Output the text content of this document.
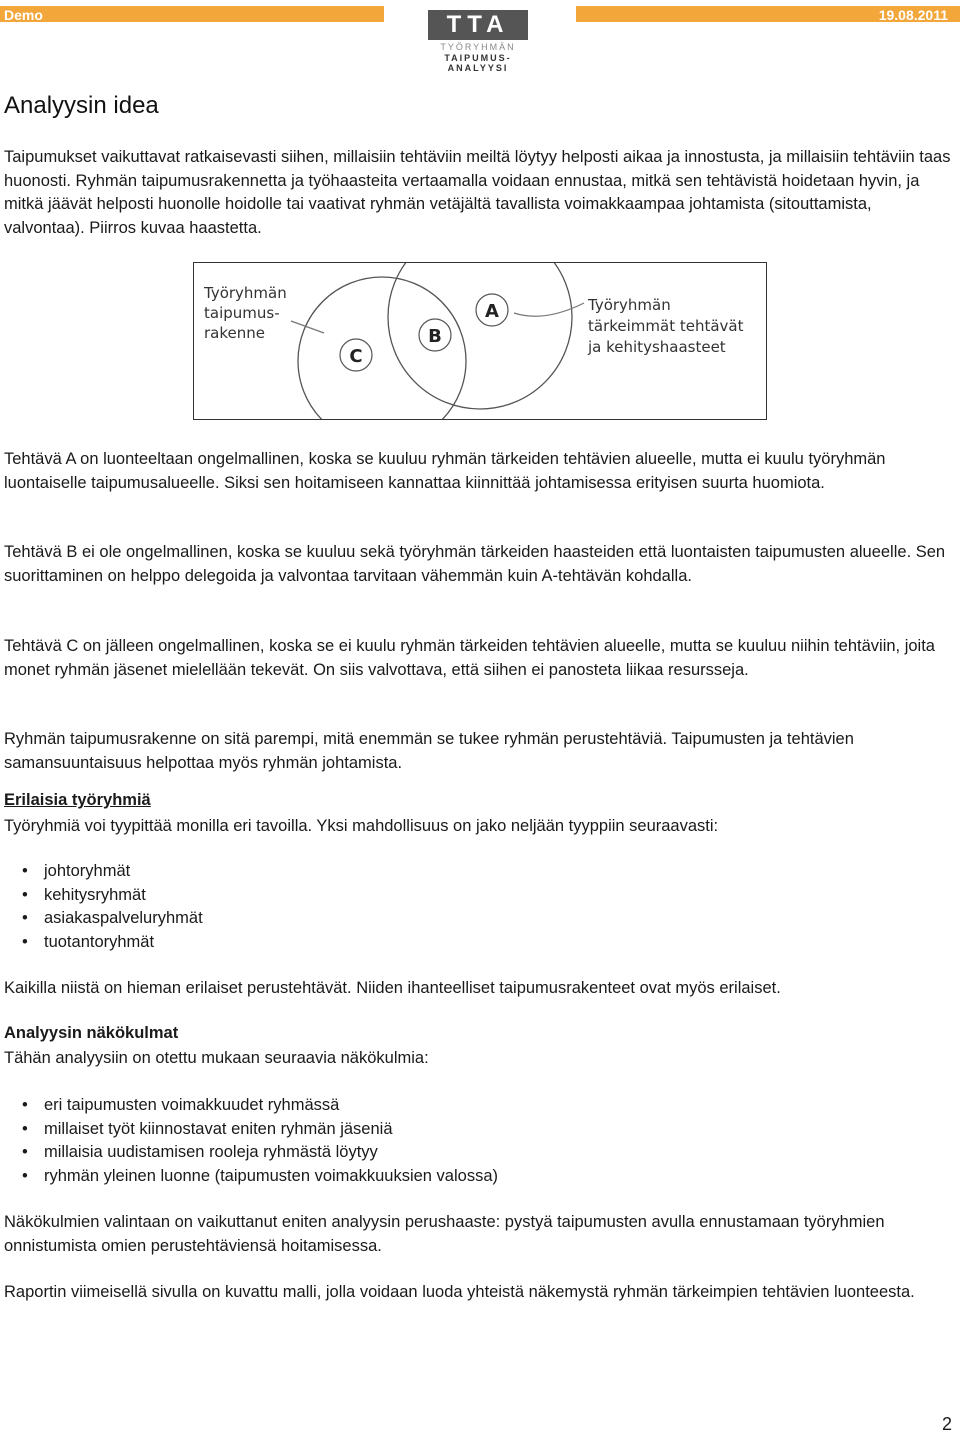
Demo	19.08.2011
TTA
TYÖRYHMÄN
TAIPUMUS-
ANALYYSI
Analyysin idea

Taipumukset vaikuttavat ratkaisevasti siihen, millaisiin tehtäviin meiltä löytyy helposti aikaa ja innostusta, ja millaisiin tehtäviin taas huonosti. Ryhmän taipumusrakennetta ja työhaasteita vertaamalla voidaan ennustaa, mitkä sen tehtävistä hoidetaan hyvin, ja mitkä jäävät helposti huonolle hoidolle tai vaativat ryhmän vetäjältä tavallista voimakkaampaa johtamista (sitouttamista, valvontaa). Piirros kuvaa haastetta.

A
B
C
Työryhmän taipumus- rakenne
Työryhmän tärkeimmät tehtävät ja kehityshaasteet

Tehtävä A on luonteeltaan ongelmallinen, koska se kuuluu ryhmän tärkeiden tehtävien alueelle, mutta ei kuulu työryhmän luontaiselle taipumusalueelle. Siksi sen hoitamiseen kannattaa kiinnittää johtamisessa erityisen suurta huomiota.

Tehtävä B ei ole ongelmallinen, koska se kuuluu sekä työryhmän tärkeiden haasteiden että luontaisten taipumusten alueelle. Sen suorittaminen on helppo delegoida ja valvontaa tarvitaan vähemmän kuin A-tehtävän kohdalla.

Tehtävä C on jälleen ongelmallinen, koska se ei kuulu ryhmän tärkeiden tehtävien alueelle, mutta se kuuluu niihin tehtäviin, joita monet ryhmän jäsenet mielellään tekevät. On siis valvottava, että siihen ei panosteta liikaa resursseja.

Ryhmän taipumusrakenne on sitä parempi, mitä enemmän se tukee ryhmän perustehtäviä. Taipumusten ja tehtävien samansuuntaisuus helpottaa myös ryhmän johtamista.

Erilaisia työryhmiä

Työryhmiä voi tyypittää monilla eri tavoilla. Yksi mahdollisuus on jako neljään tyyppiin seuraavasti:

• johtoryhmät
• kehitysryhmät
• asiakaspalveluryhmät
• tuotantoryhmät

Kaikilla niistä on hieman erilaiset perustehtävät. Niiden ihanteelliset taipumusrakenteet ovat myös erilaiset.

Analyysin näkökulmat

Tähän analyysiin on otettu mukaan seuraavia näkökulmia:

• eri taipumusten voimakkuudet ryhmässä
• millaiset työt kiinnostavat eniten ryhmän jäseniä
• millaisia uudistamisen rooleja ryhmästä löytyy
• ryhmän yleinen luonne (taipumusten voimakkuuksien valossa)

Näkökulmien valintaan on vaikuttanut eniten analyysin perushaaste: pystyä taipumusten avulla ennustamaan työryhmien onnistumista omien perustehtäviensä hoitamisessa.

Raportin viimeisellä sivulla on kuvattu malli, jolla voidaan luoda yhteistä näkemystä ryhmän tärkeimpien tehtävien luonteesta.

2
